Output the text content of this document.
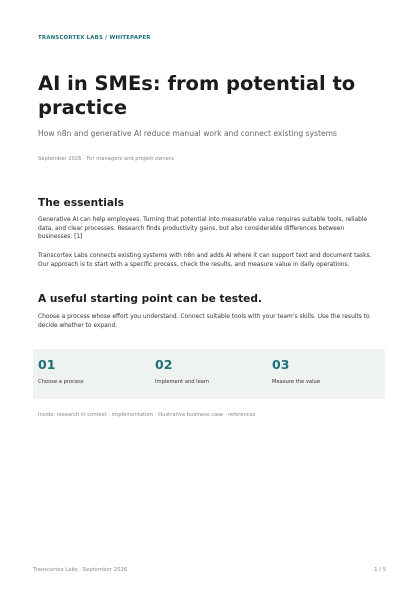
TRANSCORTEX LABS / WHITEPAPER
AI in SMEs: from potential to practice

How n8n and generative AI reduce manual work and connect existing systems

September 2026 · For managers and project owners
The essentials

Generative AI can help employees. Turning that potential into measurable value requires suitable tools, reliable data, and clear processes. Research finds productivity gains, but also considerable differences between businesses. [1]

Transcortex Labs connects existing systems with n8n and adds AI where it can support text and document tasks. Our approach is to start with a specific process, check the results, and measure value in daily operations.

A useful starting point can be tested.

Choose a process whose effort you understand. Connect suitable tools with your team’s skills. Use the results to decide whether to expand.

01
Choose a process
02
Implement and learn
03
Measure the value
Inside: research in context · implementation · illustrative business case · references
Transcortex Labs · September 2026	1 / 5
